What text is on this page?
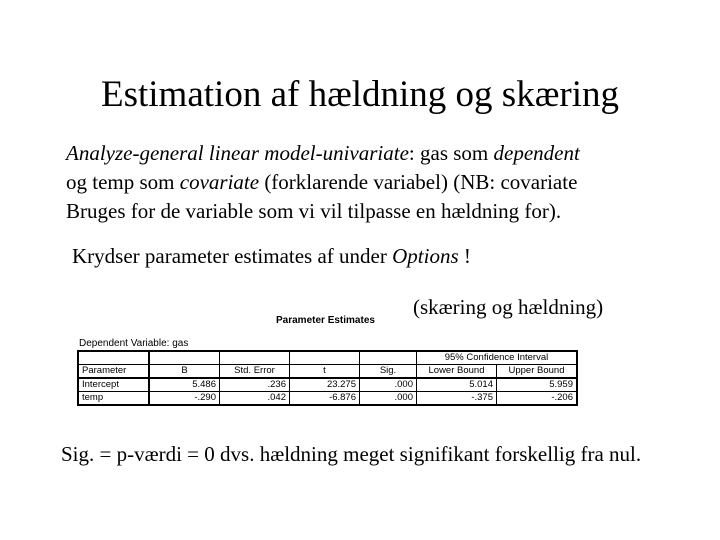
Estimation af hældning og skæring
Analyze-general linear model-univariate: gas som dependent
og temp som covariate (forklarende variabel) (NB: covariate
Bruges for de variable som vi vil tilpasse en hældning for).
Krydser parameter estimates af under Options !
(skæring og hældning)
Parameter Estimates
Dependent Variable: gas
					95% Confidence Interval	
Parameter	B	Std. Error	t	Sig.	Lower Bound	Upper Bound
Intercept	5.486	.236	23.275	.000	5.014	5.959
temp	-.290	.042	-6.876	.000	-.375	-.206
Sig. = p-værdi = 0 dvs. hældning meget signifikant forskellig fra nul.
